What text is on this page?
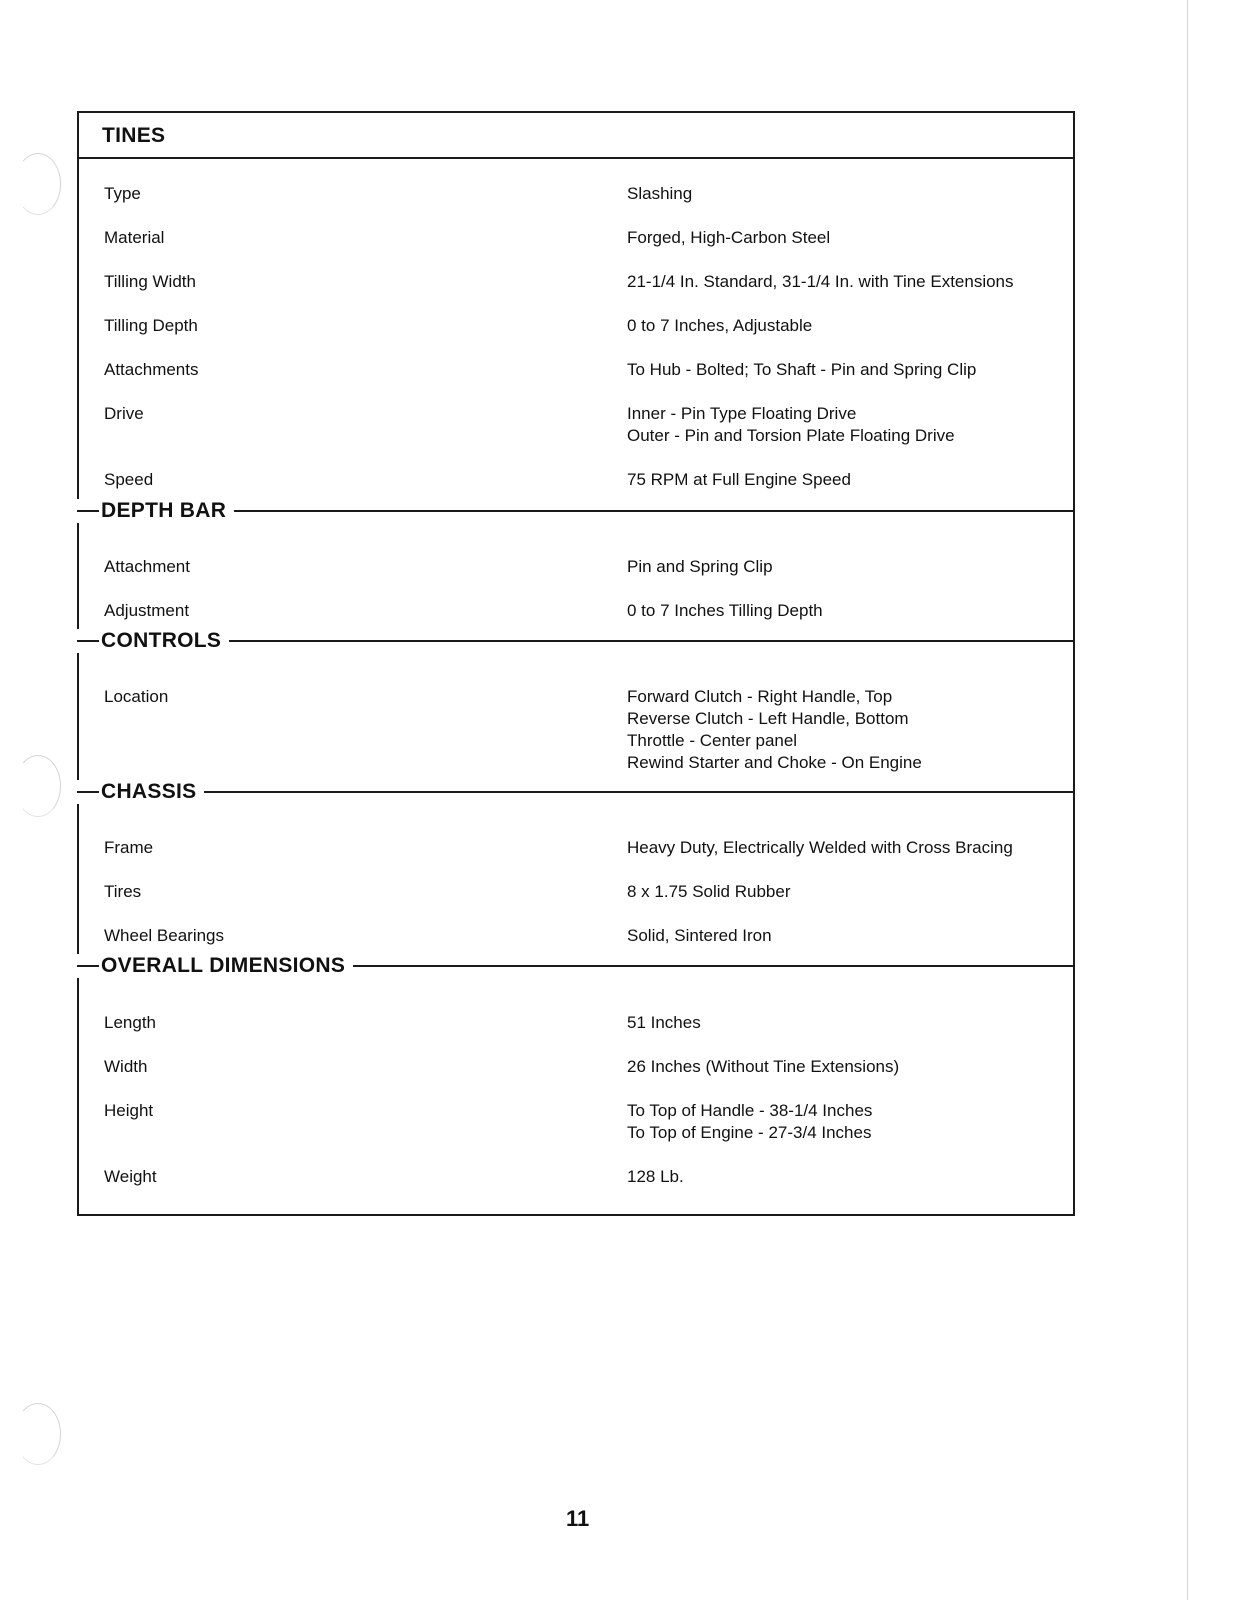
TINES
Type	Slashing
Material	Forged, High-Carbon Steel
Tilling Width	21-1/4 In. Standard, 31-1/4 In. with Tine Extensions
Tilling Depth	0 to 7 Inches, Adjustable
Attachments	To Hub - Bolted; To Shaft - Pin and Spring Clip
Drive	Inner - Pin Type Floating Drive
Outer - Pin and Torsion Plate Floating Drive
Speed	75 RPM at Full Engine Speed
DEPTH BAR
Attachment	Pin and Spring Clip
Adjustment	0 to 7 Inches Tilling Depth
CONTROLS
Location	Forward Clutch - Right Handle, Top
Reverse Clutch - Left Handle, Bottom
Throttle - Center panel
Rewind Starter and Choke - On Engine
CHASSIS
Frame	Heavy Duty, Electrically Welded with Cross Bracing
Tires	8 x 1.75 Solid Rubber
Wheel Bearings	Solid, Sintered Iron
OVERALL DIMENSIONS
Length	51 Inches
Width	26 Inches (Without Tine Extensions)
Height	To Top of Handle - 38-1/4 Inches
To Top of Engine - 27-3/4 Inches
Weight	128 Lb.
11
